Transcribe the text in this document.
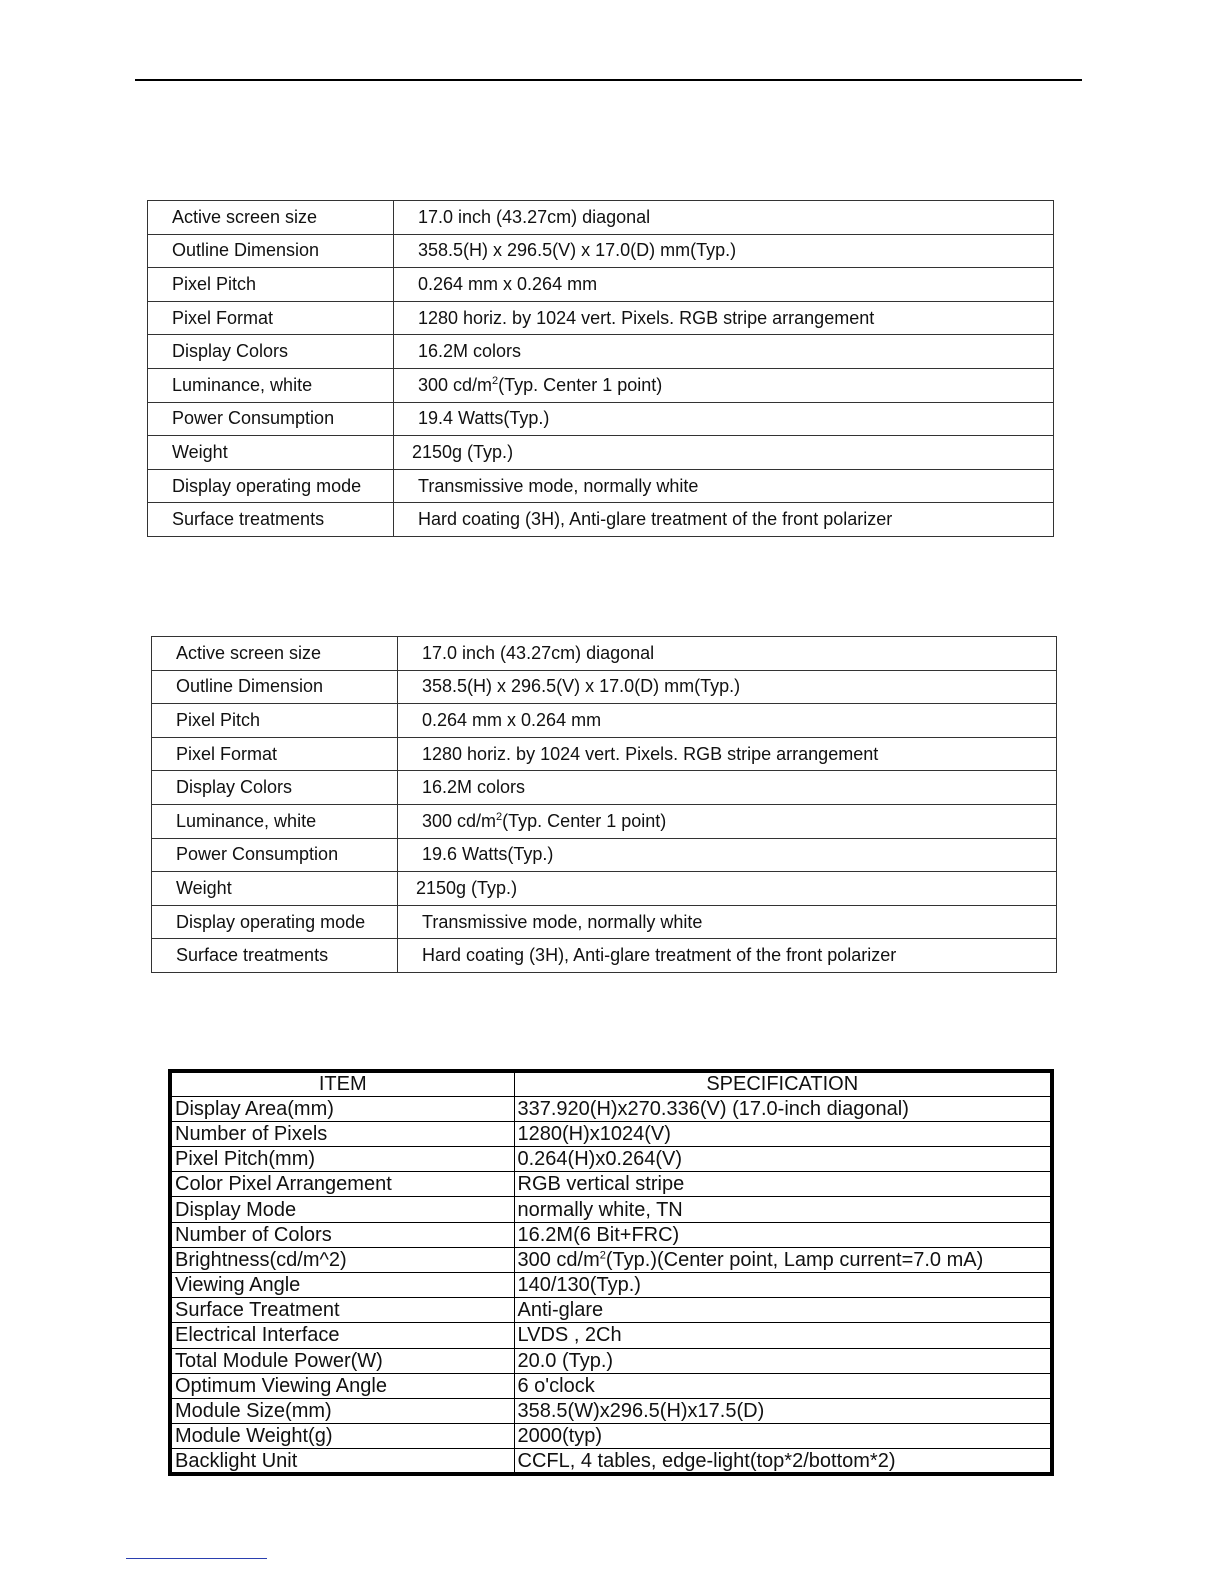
Active screen size	17.0 inch (43.27cm) diagonal
Outline Dimension	358.5(H) x 296.5(V) x 17.0(D) mm(Typ.)
Pixel Pitch	0.264 mm x 0.264 mm
Pixel Format	1280 horiz. by 1024 vert. Pixels. RGB stripe arrangement
Display Colors	16.2M colors
Luminance, white	300 $cd/m^2(Typ$. Center 1 point)
Power Consumption	19.4 Watts(Typ.)
Weight	2150g (Typ.)
Display operating mode	Transmissive mode, normally white
Surface treatments	Hard coating (3H), Anti-glare treatment of the front polarizer
Active screen size	17.0 inch (43.27cm) diagonal
Outline Dimension	358.5(H) x 296.5(V) x 17.0(D) mm(Typ.)
Pixel Pitch	0.264 mm x 0.264 mm
Pixel Format	1280 horiz. by 1024 vert. Pixels. RGB stripe arrangement
Display Colors	16.2M colors
Luminance, white	300 $cd/m^2(Typ$. Center 1 point)
Power Consumption	19.6 Watts(Typ.)
Weight	2150g (Typ.)
Display operating mode	Transmissive mode, normally white
Surface treatments	Hard coating (3H), Anti-glare treatment of the front polarizer
ITEM	SPECIFICATION
Display Area(mm)	337.920(H)x270.336(V) (17.0-inch diagonal)
Number of Pixels	1280(H)x1024(V)
Pixel Pitch(mm)	0.264(H)x0.264(V)
Color Pixel Arrangement	RGB vertical stripe
Display Mode	normally white, TN
Number of Colors	16.2M(6 Bit+FRC)
Brightness(cd/m^2)	300 $cd/m^2(Typ.)(Center$ point, Lamp current=7.0 mA)
Viewing Angle	140/130(Typ.)
Surface Treatment	Anti-glare
Electrical Interface	LVDS , 2Ch
Total Module Power(W)	20.0 (Typ.)
Optimum Viewing Angle	6 o'clock
Module Size(mm)	358.5(W)x296.5(H)x17.5(D)
Module Weight(g)	2000(typ)
Backlight Unit	CCFL, 4 tables, edge-light(top*2/bottom*2)
